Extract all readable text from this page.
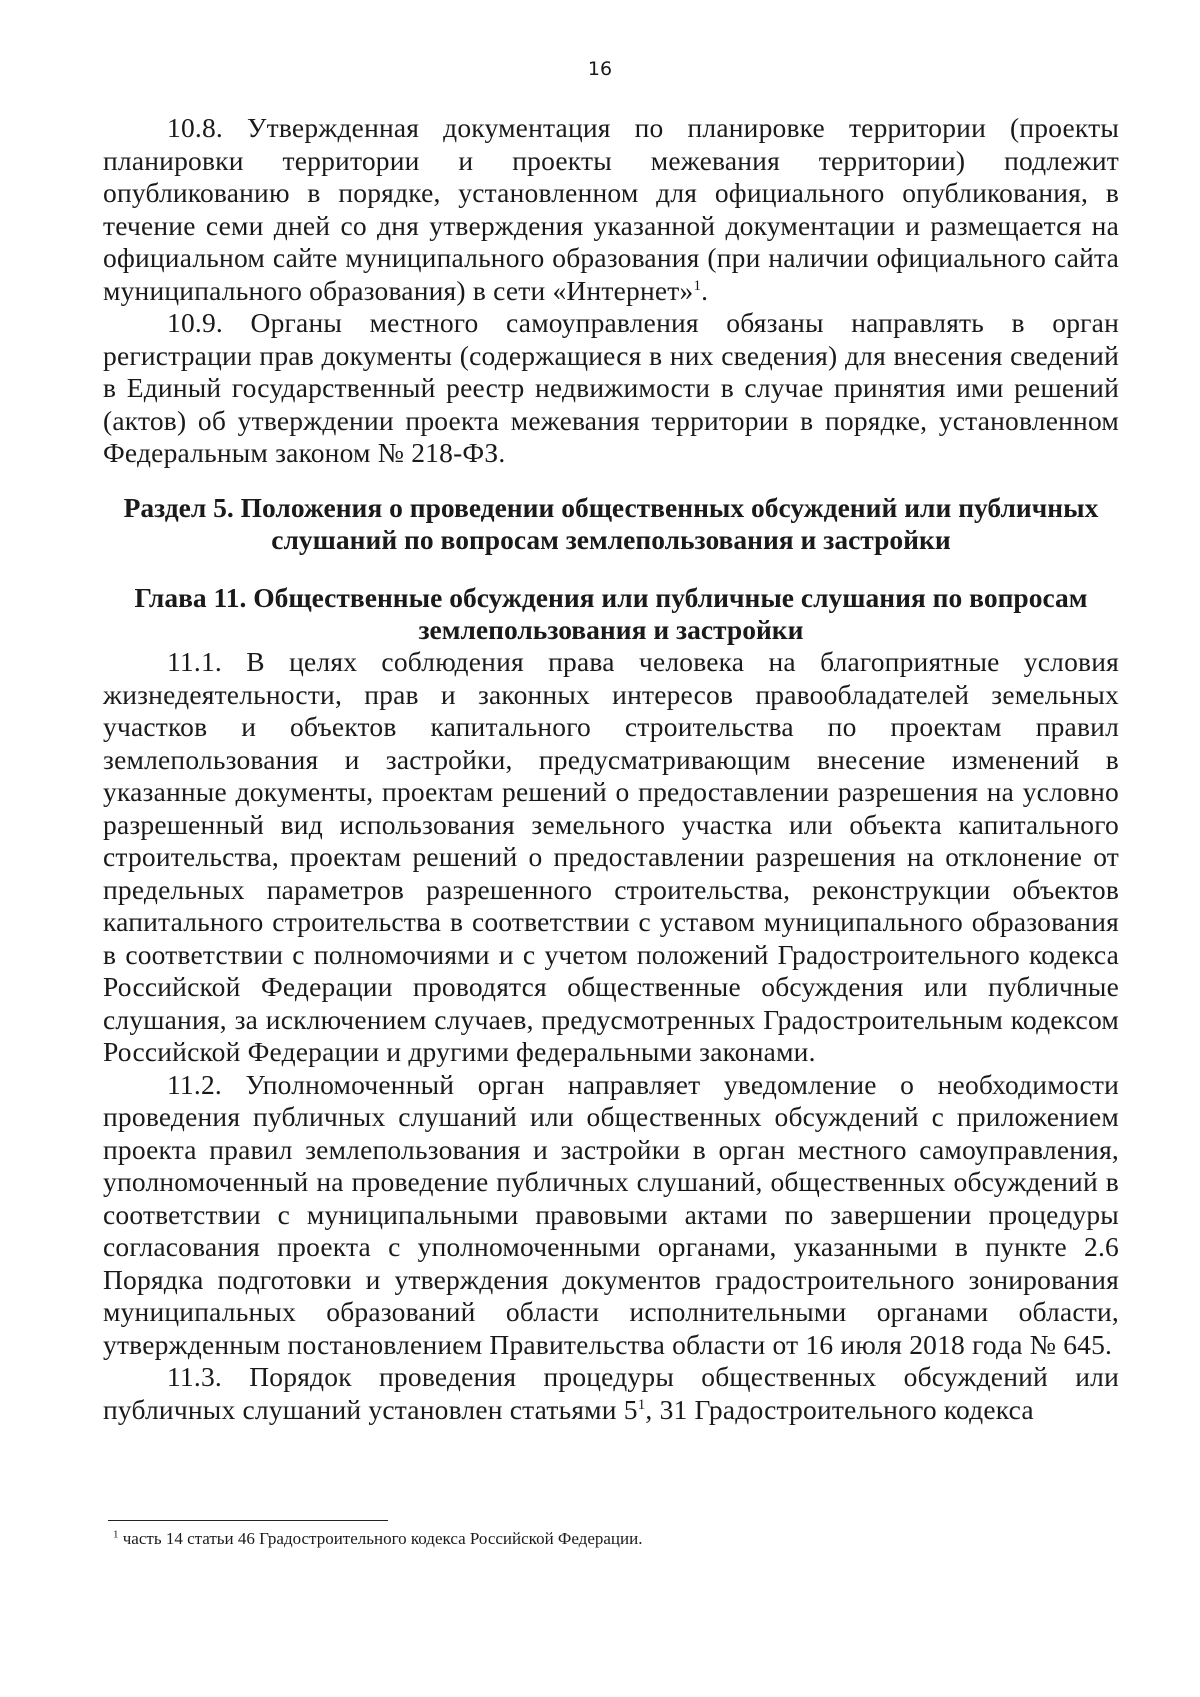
16

10.8. Утвержденная документация по планировке территории (проекты планировки территории и проекты межевания территории) подлежит опубликованию в порядке, установленном для официального опубликования, в течение семи дней со дня утверждения указанной документации и размещается на официальном сайте муниципального образования (при наличии официального сайта муниципального образования) в сети «Интернет»$^1$.

10.9. Органы местного самоуправления обязаны направлять в орган регистрации прав документы (содержащиеся в них сведения) для внесения сведений в Единый государственный реестр недвижимости в случае принятия ими решений (актов) об утверждении проекта межевания территории в порядке, установленном Федеральным законом № 218-ФЗ.

Раздел 5. Положения о проведении общественных обсуждений или публичных слушаний по вопросам землепользования и застройки
Глава 11. Общественные обсуждения или публичные слушания по вопросам землепользования и застройки

11.1. В целях соблюдения права человека на благоприятные условия жизнедеятельности, прав и законных интересов правообладателей земельных участков и объектов капитального строительства по проектам правил землепользования и застройки, предусматривающим внесение изменений в указанные документы, проектам решений о предоставлении разрешения на условно разрешенный вид использования земельного участка или объекта капитального строительства, проектам решений о предоставлении разрешения на отклонение от предельных параметров разрешенного строительства, реконструкции объектов капитального строительства в соответствии с уставом муниципального образования в соответствии с полномочиями и с учетом положений Градостроительного кодекса Российской Федерации проводятся общественные обсуждения или публичные слушания, за исключением случаев, предусмотренных Градостроительным кодексом Российской Федерации и другими федеральными законами.

11.2. Уполномоченный орган направляет уведомление о необходимости проведения публичных слушаний или общественных обсуждений с приложением проекта правил землепользования и застройки в орган местного самоуправления, уполномоченный на проведение публичных слушаний, общественных обсуждений в соответствии с муниципальными правовыми актами по завершении процедуры согласования проекта с уполномоченными органами, указанными в пункте 2.6 Порядка подготовки и утверждения документов градостроительного зонирования муниципальных образований области исполнительными органами области, утвержденным постановлением Правительства области от 16 июля 2018 года № 645.

11.3. Порядок проведения процедуры общественных обсуждений или публичных слушаний установлен статьями $5^1$, 31 Градостроительного кодекса

$^1$ часть 14 статьи 46 Градостроительного кодекса Российской Федерации.
